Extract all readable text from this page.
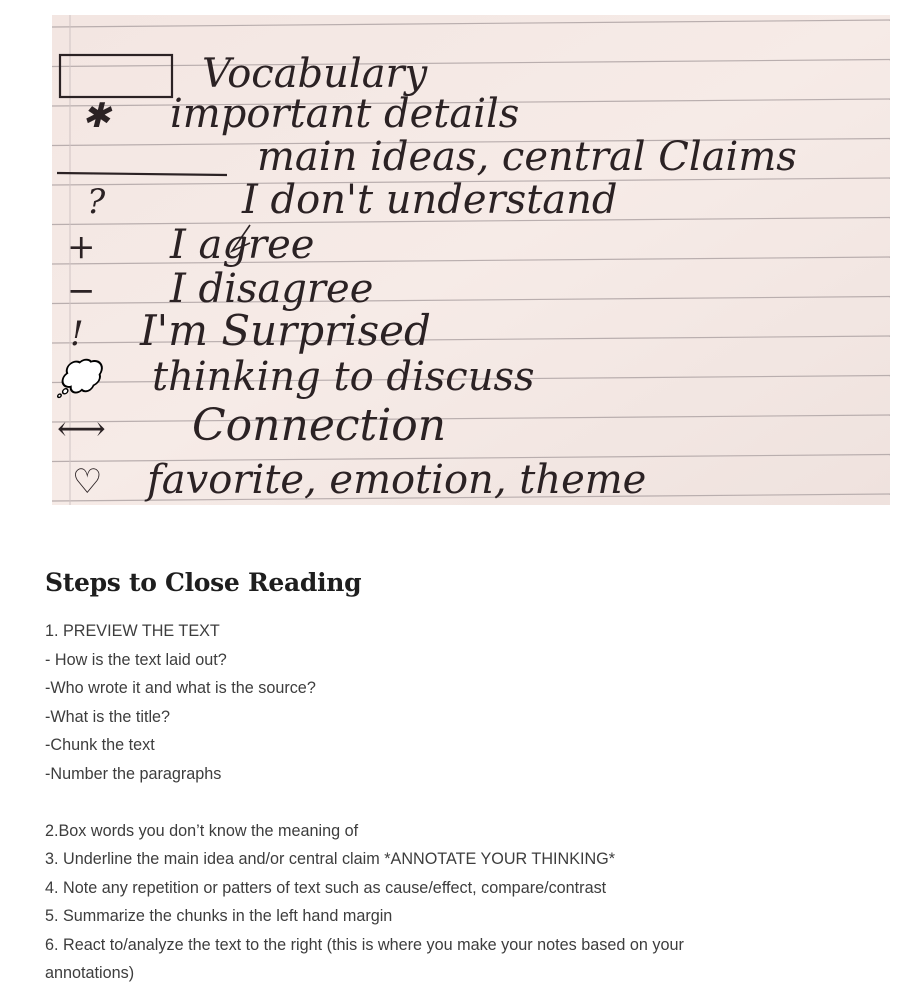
Vocabulary
✱ important details
main ideas, central Claims
?	I don't understand
+ I agree
− I disagree
! I'm Surprised
💭 thinking to discuss
⟷ Connection
♡ favorite, emotion, theme
Steps to Close Reading
1. PREVIEW THE TEXT
- How is the text laid out?
-Who wrote it and what is the source?
-What is the title?
-Chunk the text
-Number the paragraphs
2.Box words you don’t know the meaning of
3. Underline the main idea and/or central claim *ANNOTATE YOUR THINKING*
4. Note any repetition or patters of text such as cause/effect, compare/contrast
5. Summarize the chunks in the left hand margin
6. React to/analyze the text to the right (this is where you make your notes based on your
annotations)
